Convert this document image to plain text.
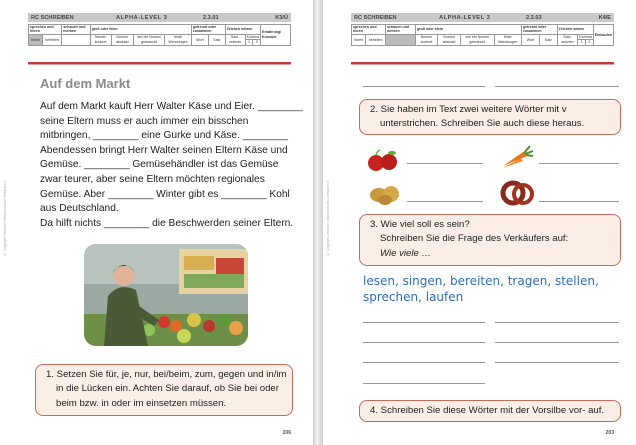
RC SCHREIBEN	ALPHA-LEVEL 3	2.3.01	K3/Ü
sprechen und hören		schauen und merken	groß oder klein				getrennt oder zusammen		Zeichen setzen			Ernährung/ Konsum
hören	herleiten		Nomen konkret	Nomen abstrakt	wie ein Nomen gebraucht	feste Wendungen	Wort	Satz	Satz- zeichen	Komma		
										1	2	
Auf dem Markt
Auf dem Markt kauft Herr Walter Käse und Eier. ________
seine Eltern muss er auch immer ein bisschen
mitbringen, ________ eine Gurke und Käse. ________
Abendessen bringt Herr Walter seinen Eltern Käse und
Gemüse. ________ Gemüsehändler ist das Gemüse
zwar teurer, aber seine Eltern möchten regionales
Gemüse. Aber ________ Winter gibt es ________ Kohl
aus Deutschland.
Da hilft nichts ________ die Beschwerden seiner Eltern.
1. Setzen Sie für, je, nur, bei/beim, zum, gegen und in/im
in die Lücken ein. Achten Sie darauf, ob Sie bei oder
beim bzw. in oder im einsetzen müssen.
© Copyright Deutscher Volkshochschul-Verband e.V.
206
RC SCHREIBEN	ALPHA-LEVEL 3	2.3.03	K4/E
sprechen und hören		schauen und merken	groß oder klein				getrennt oder zusammen		Zeichen setzen			Einkaufen
hören	herleiten		Nomen konkret	Nomen abstrakt	wie ein Nomen gebraucht	feste Wendungen	Wort	Satz	Satz- zeichen	Komma		
										1	2	
2. Sie haben im Text zwei weitere Wörter mit v
unterstrichen. Schreiben Sie auch diese heraus.
3. Wie viel soll es sein?
Schreiben Sie die Frage des Verkäufers auf:
Wie viele …
lesen, singen, bereiten, tragen, stellen,
sprechen, laufen
4. Schreiben Sie diese Wörter mit der Vorsilbe vor- auf.
© Copyright Deutscher Volkshochschul-Verband e.V.
203
